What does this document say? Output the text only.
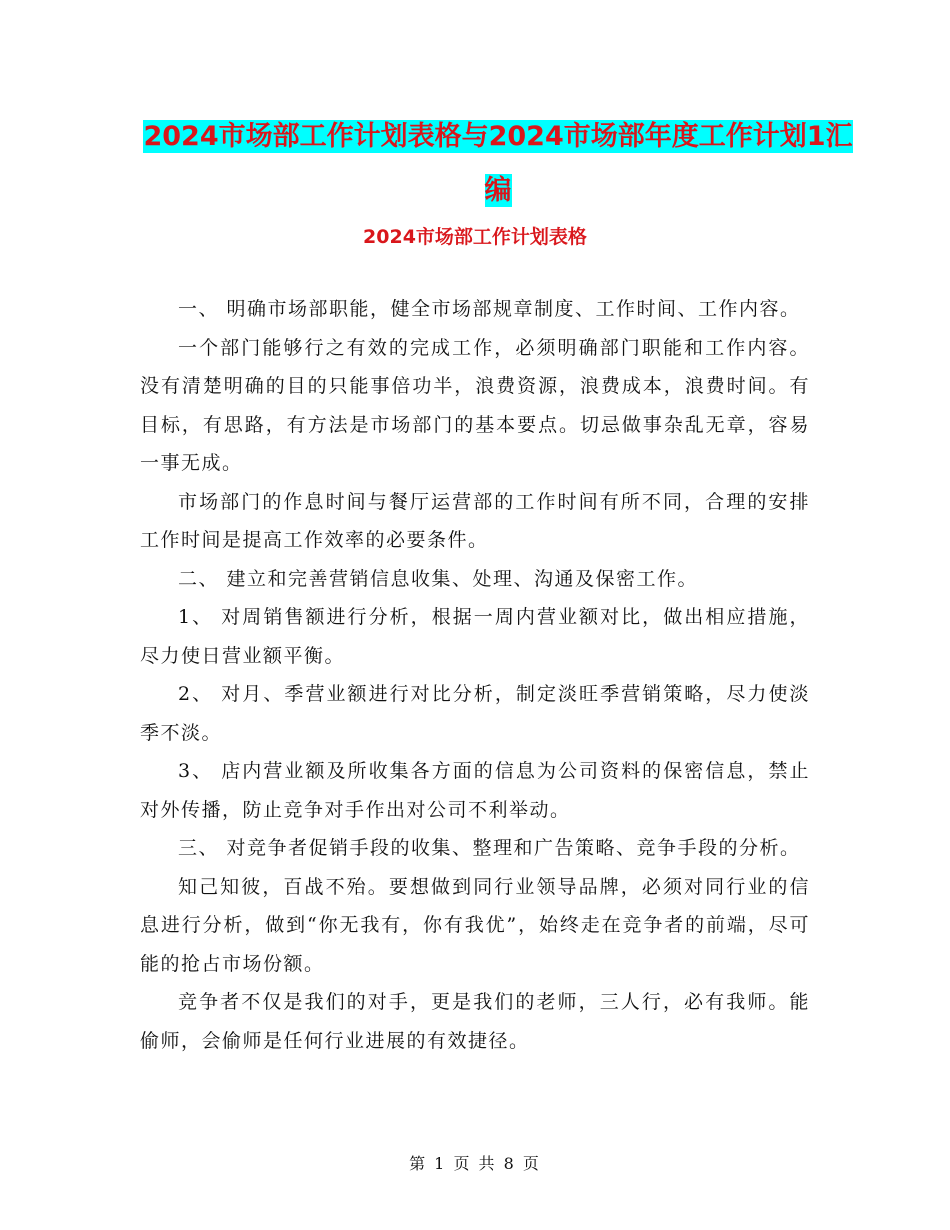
2024市场部工作计划表格与2024市场部年度工作计划1汇编
2024市场部工作计划表格

一、 明确市场部职能，健全市场部规章制度、工作时间、工作内容。

一个部门能够行之有效的完成工作，必须明确部门职能和工作内容。没有清楚明确的目的只能事倍功半，浪费资源，浪费成本，浪费时间。有目标，有思路，有方法是市场部门的基本要点。切忌做事杂乱无章，容易一事无成。

市场部门的作息时间与餐厅运营部的工作时间有所不同，合理的安排工作时间是提高工作效率的必要条件。

二、 建立和完善营销信息收集、处理、沟通及保密工作。

1、 对周销售额进行分析，根据一周内营业额对比，做出相应措施，尽力使日营业额平衡。

2、 对月、季营业额进行对比分析，制定淡旺季营销策略，尽力使淡季不淡。

3、 店内营业额及所收集各方面的信息为公司资料的保密信息，禁止对外传播，防止竞争对手作出对公司不利举动。

三、 对竞争者促销手段的收集、整理和广告策略、竞争手段的分析。

知己知彼，百战不殆。要想做到同行业领导品牌，必须对同行业的信息进行分析，做到“你无我有，你有我优”，始终走在竞争者的前端，尽可能的抢占市场份额。

竞争者不仅是我们的对手，更是我们的老师，三人行，必有我师。能偷师，会偷师是任何行业进展的有效捷径。

第 1 页 共 8 页
